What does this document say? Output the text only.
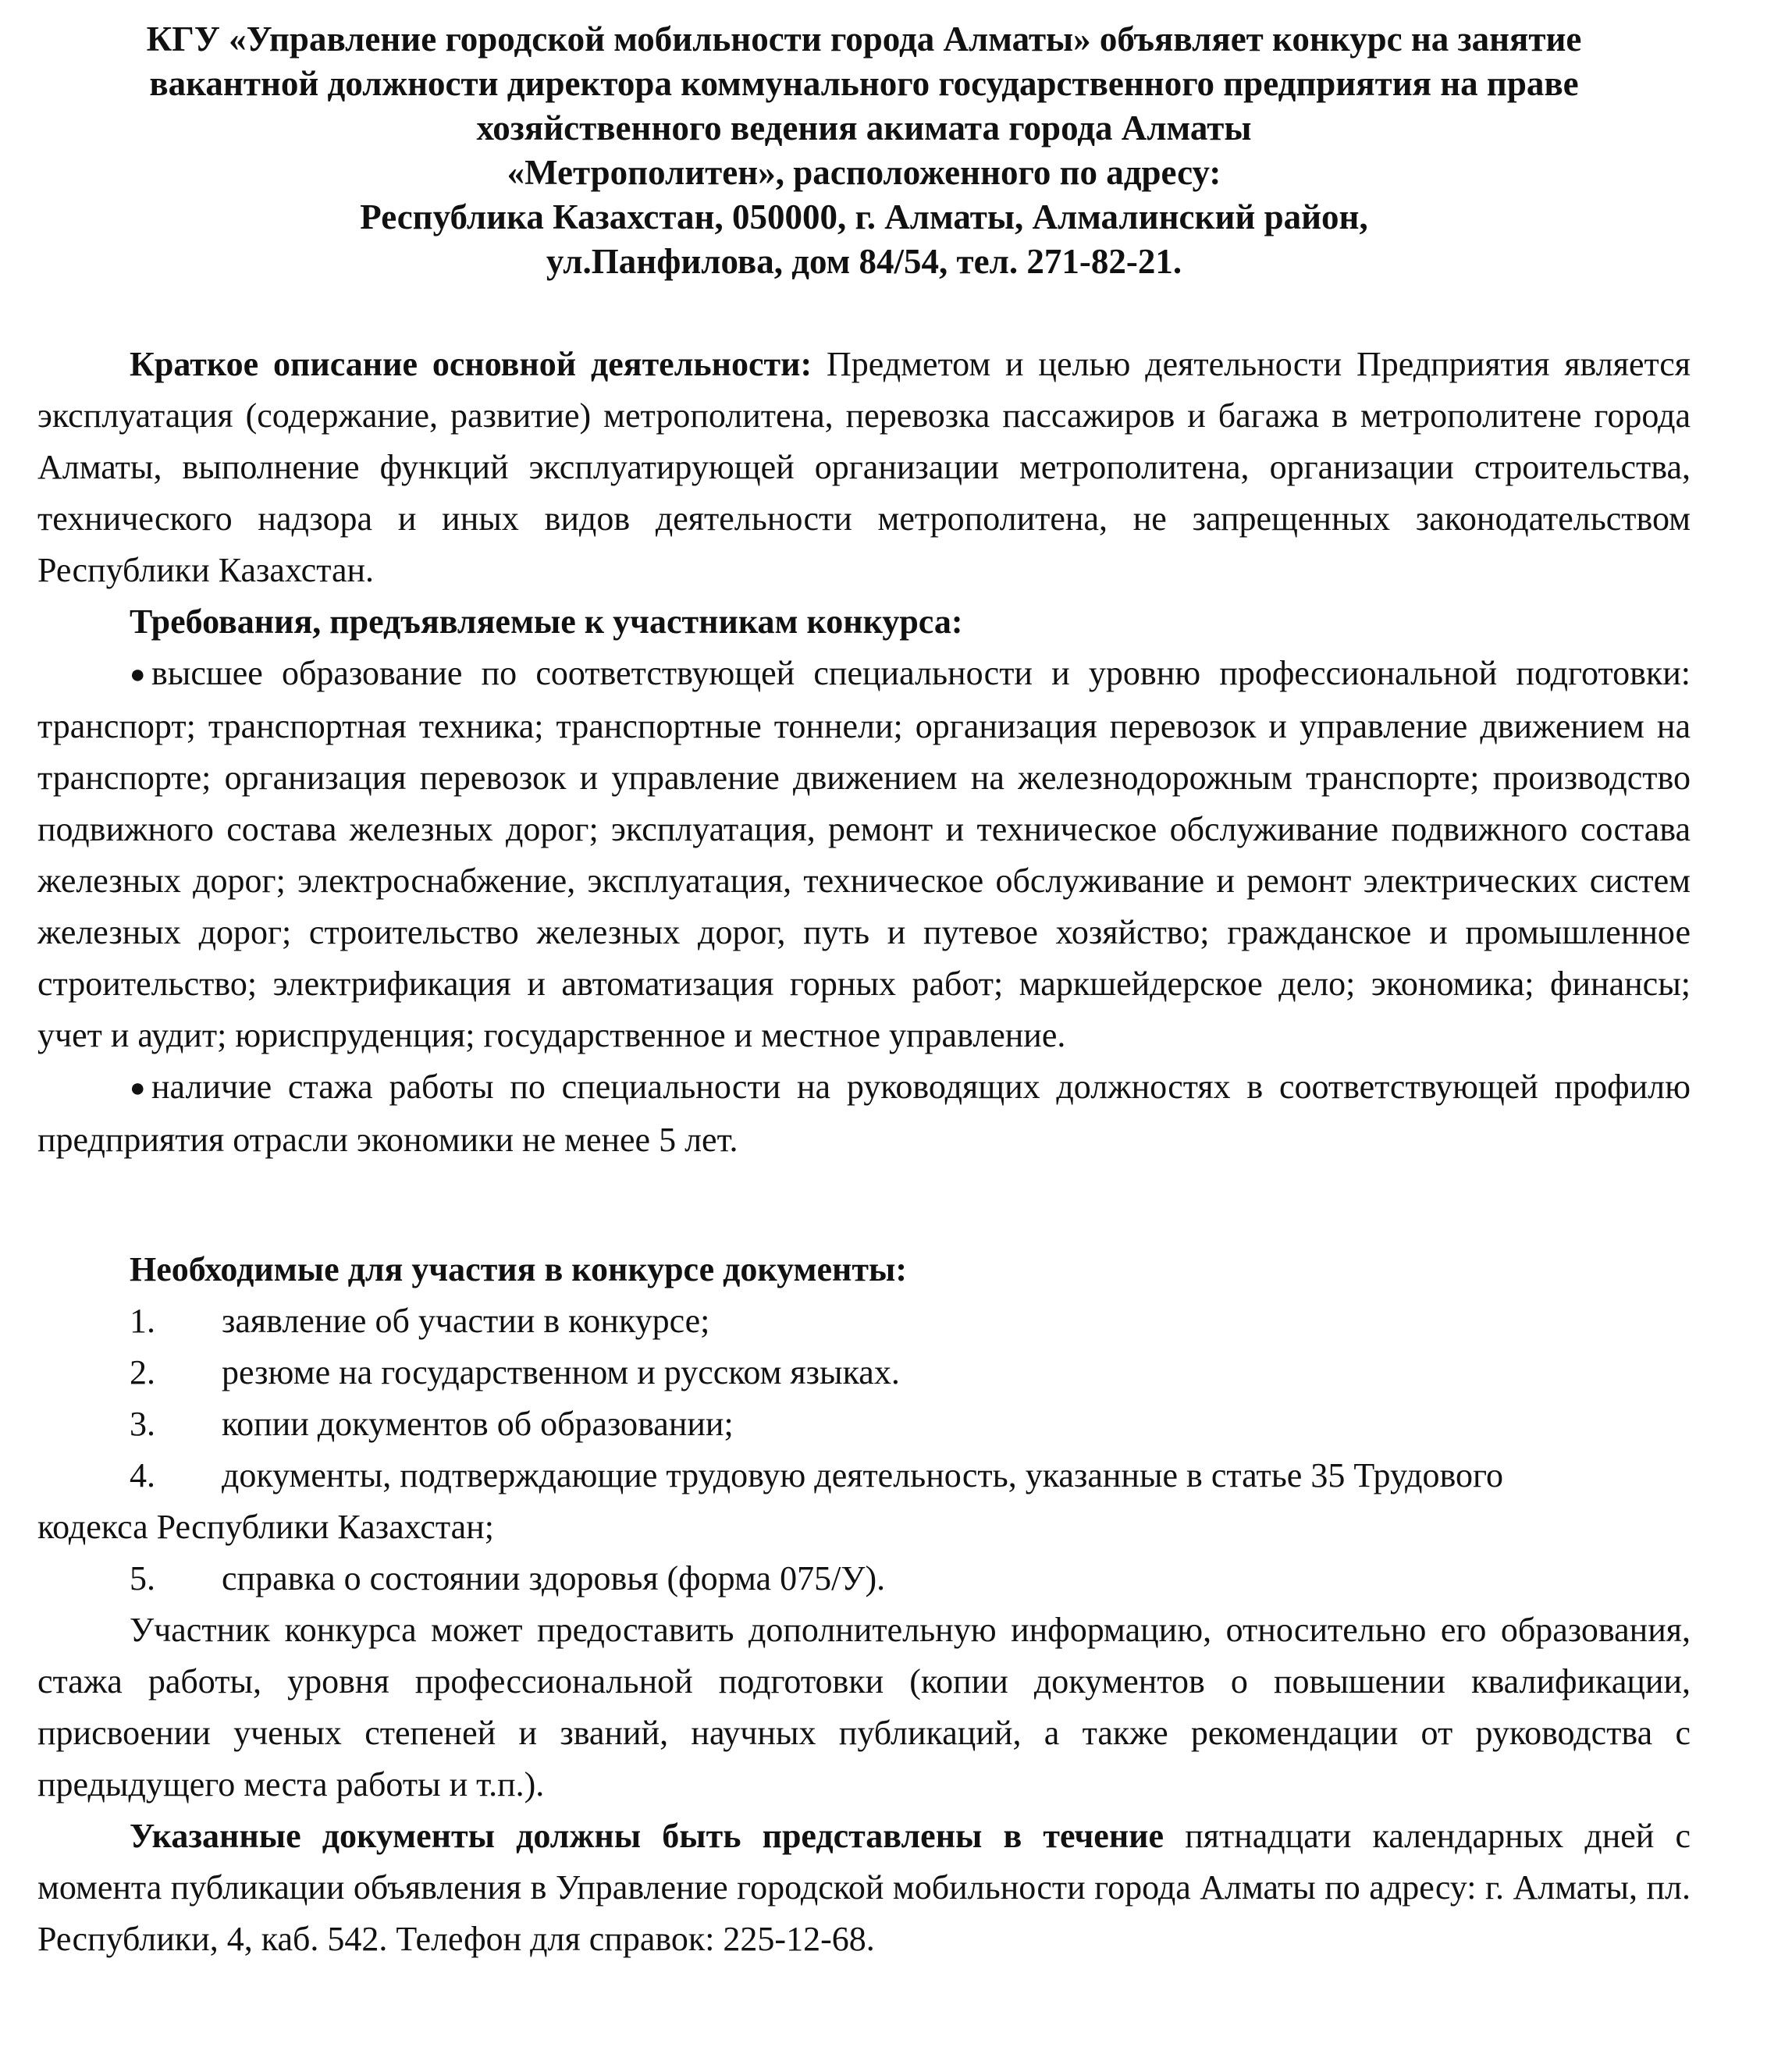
КГУ «Управление городской мобильности города Алматы» объявляет конкурс на занятие
вакантной должности директора коммунального государственного предприятия на праве
хозяйственного ведения акимата города Алматы
«Метрополитен», расположенного по адресу:
Республика Казахстан, 050000, г. Алматы, Алмалинский район,
ул.Панфилова, дом 84/54, тел. 271-82-21.

Краткое описание основной деятельности: Предметом и целью деятельности Предприятия является эксплуатация (содержание, развитие) метрополитена, перевозка пассажиров и багажа в метрополитене города Алматы, выполнение функций эксплуатирующей организации метрополитена, организации строительства, технического надзора и иных видов деятельности метрополитена, не запрещенных законодательством Республики Казахстан.

Требования, предъявляемые к участникам конкурса:

● высшее образование по соответствующей специальности и уровню профессиональной подготовки: транспорт; транспортная техника; транспортные тоннели; организация перевозок и управление движением на транспорте; организация перевозок и управление движением на железнодорожным транспорте; производство подвижного состава железных дорог; эксплуатация, ремонт и техническое обслуживание подвижного состава железных дорог; электроснабжение, эксплуатация, техническое обслуживание и ремонт электрических систем железных дорог; строительство железных дорог, путь и путевое хозяйство; гражданское и промышленное строительство; электрификация и автоматизация горных работ; маркшейдерское дело; экономика; финансы; учет и аудит; юриспруденция; государственное и местное управление.

● наличие стажа работы по специальности на руководящих должностях в соответствующей профилю предприятия отрасли экономики не менее 5 лет.

Необходимые для участия в конкурсе документы:

1.	заявление об участии в конкурсе;
2.	резюме на государственном и русском языках.
3.	копии документов об образовании;
4.	документы, подтверждающие трудовую деятельность, указанные в статье 35 Трудового
кодекса Республики Казахстан;
5.	справка о состоянии здоровья (форма 075/У).

Участник конкурса может предоставить дополнительную информацию, относительно его образования, стажа работы, уровня профессиональной подготовки (копии документов о повышении квалификации, присвоении ученых степеней и званий, научных публикаций, а также рекомендации от руководства с предыдущего места работы и т.п.).

Указанные документы должны быть представлены в течение пятнадцати календарных дней с момента публикации объявления в Управление городской мобильности города Алматы по адресу: г. Алматы, пл. Республики, 4, каб. 542. Телефон для справок: 225-12-68.
